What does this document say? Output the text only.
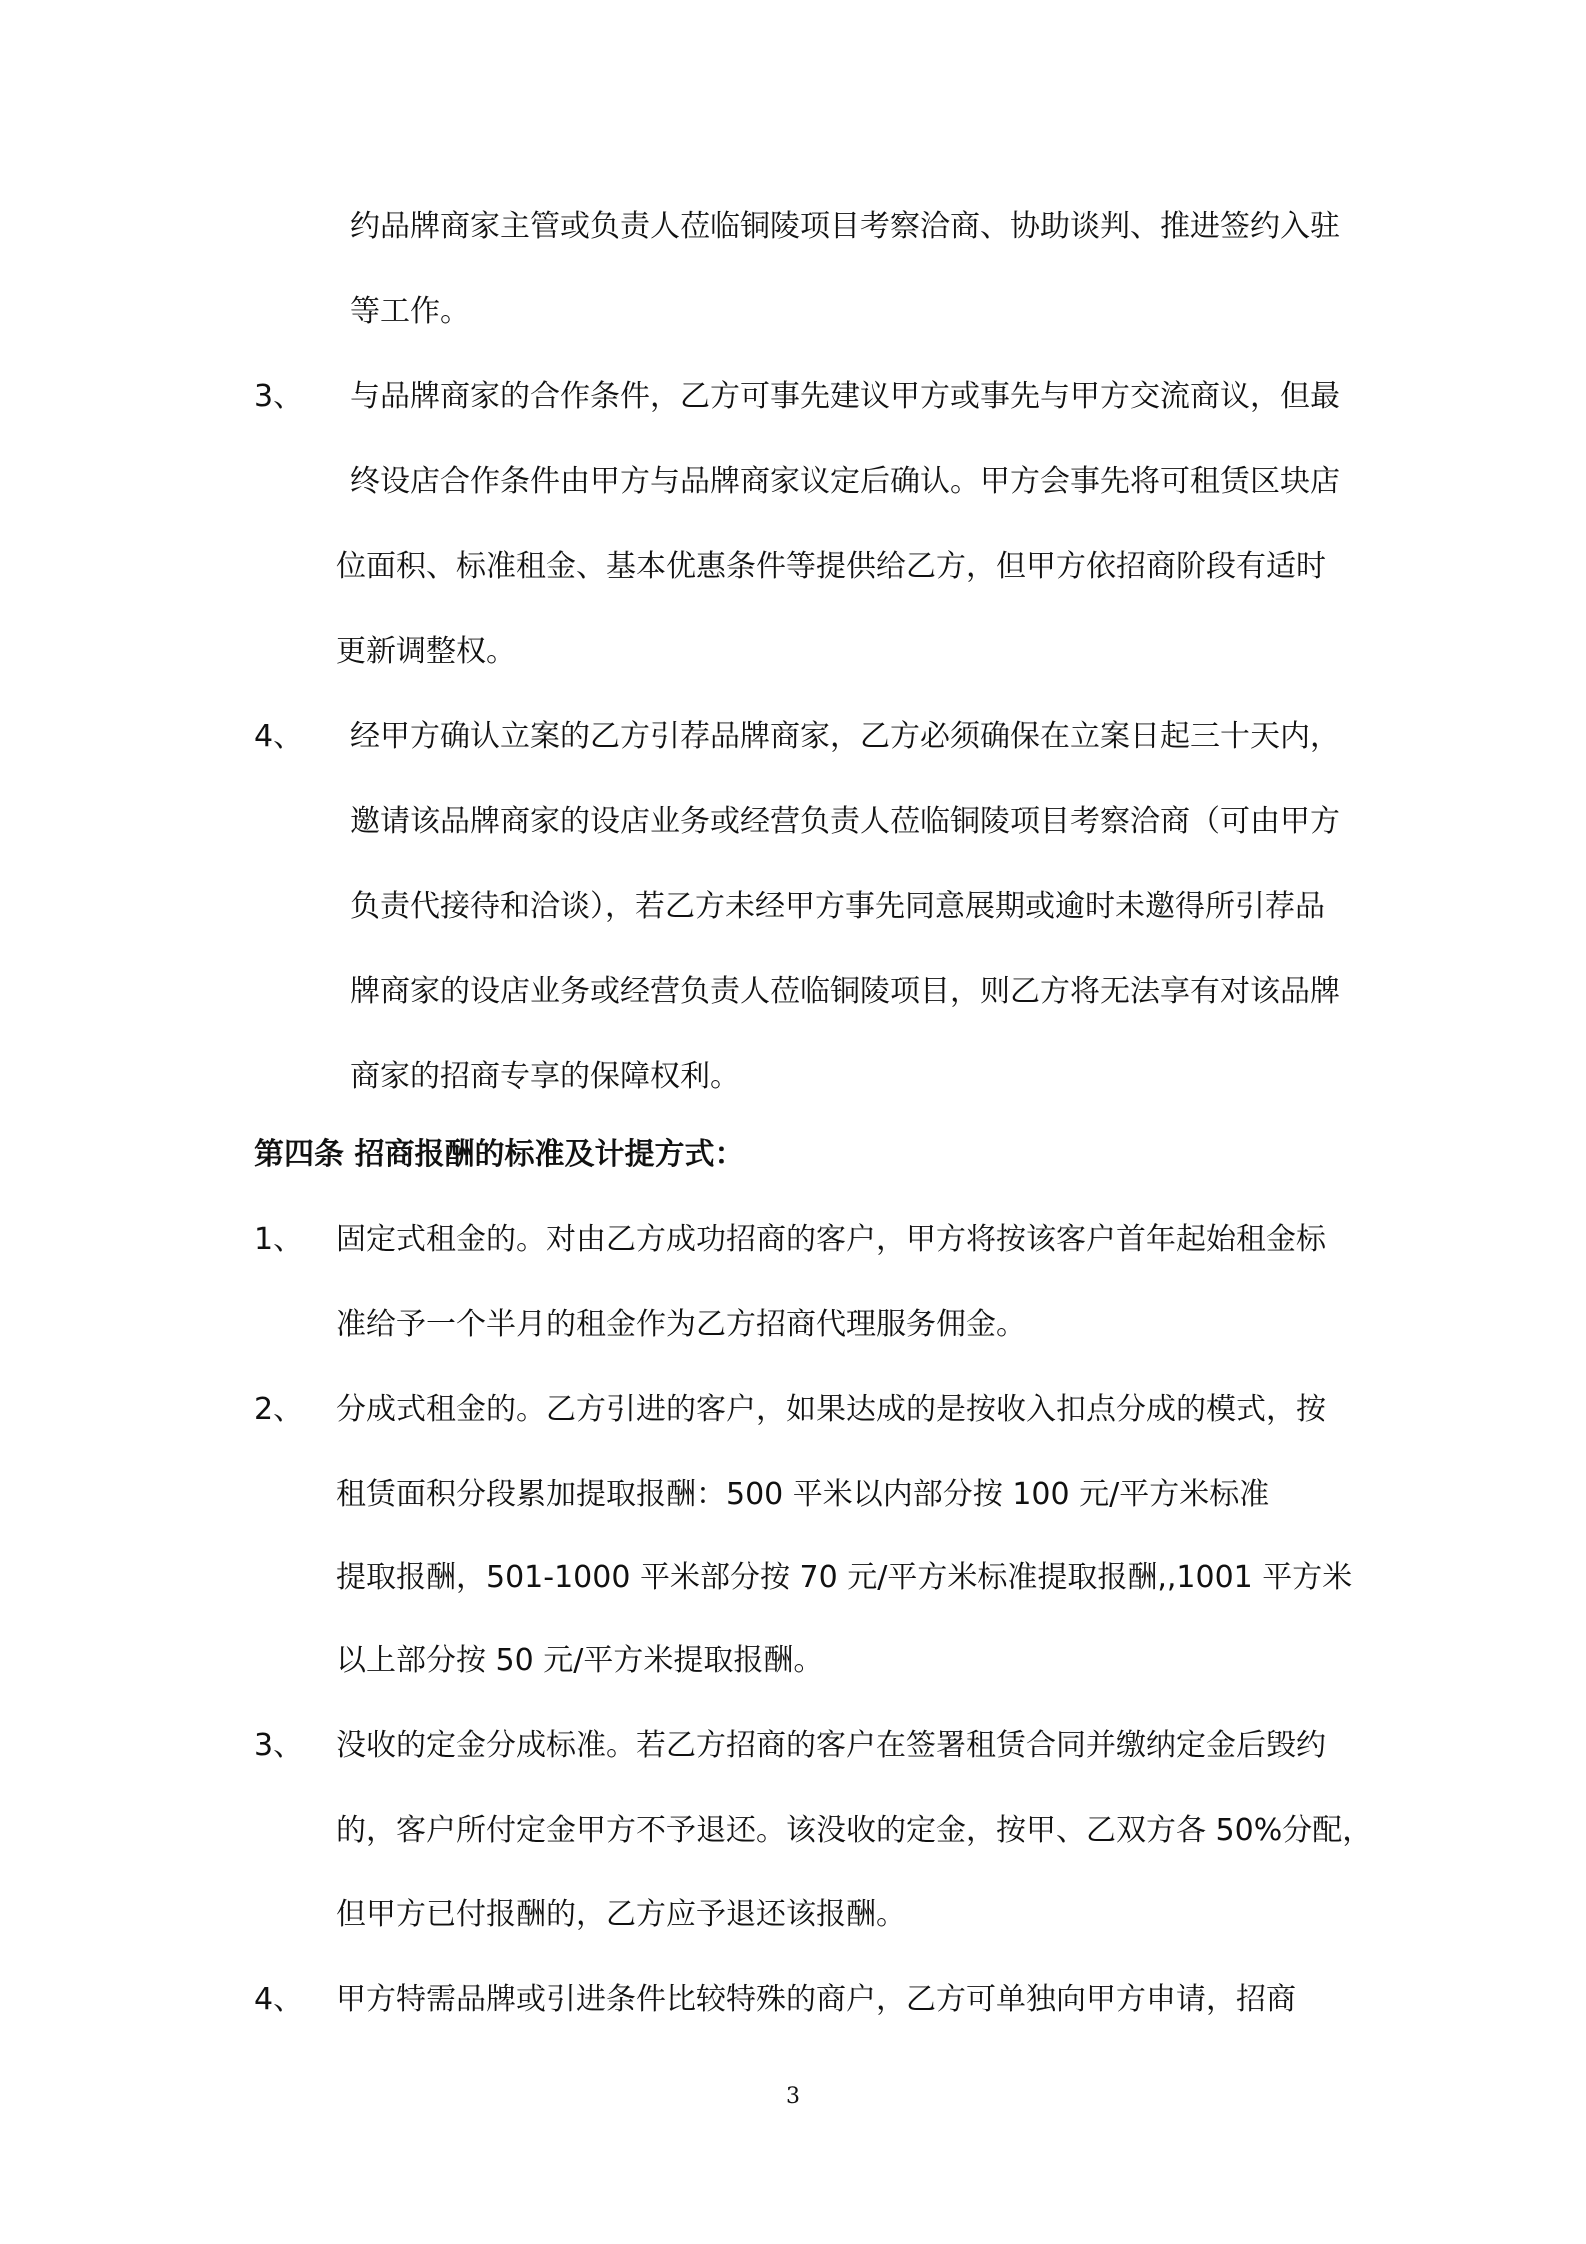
约品牌商家主管或负责人莅临铜陵项目考察洽商、协助谈判、推进签约入驻
等工作。
3、 与品牌商家的合作条件，乙方可事先建议甲方或事先与甲方交流商议，但最
终设店合作条件由甲方与品牌商家议定后确认。甲方会事先将可租赁区块店
位面积、标准租金、基本优惠条件等提供给乙方，但甲方依招商阶段有适时
更新调整权。
4、 经甲方确认立案的乙方引荐品牌商家，乙方必须确保在立案日起三十天内，
邀请该品牌商家的设店业务或经营负责人莅临铜陵项目考察洽商（可由甲方
负责代接待和洽谈），若乙方未经甲方事先同意展期或逾时未邀得所引荐品
牌商家的设店业务或经营负责人莅临铜陵项目，则乙方将无法享有对该品牌
商家的招商专享的保障权利。
第四条 招商报酬的标准及计提方式：
1、 固定式租金的。对由乙方成功招商的客户，甲方将按该客户首年起始租金标
准给予一个半月的租金作为乙方招商代理服务佣金。
2、 分成式租金的。乙方引进的客户，如果达成的是按收入扣点分成的模式，按
租赁面积分段累加提取报酬：500 平米以内部分按 100 元/平方米标准
提取报酬，501-1000 平米部分按 70 元/平方米标准提取报酬,,1001 平方米
以上部分按 50 元/平方米提取报酬。
3、 没收的定金分成标准。若乙方招商的客户在签署租赁合同并缴纳定金后毁约
的，客户所付定金甲方不予退还。该没收的定金，按甲、乙双方各 50%分配，
但甲方已付报酬的，乙方应予退还该报酬。
4、 甲方特需品牌或引进条件比较特殊的商户，乙方可单独向甲方申请，招商
3
